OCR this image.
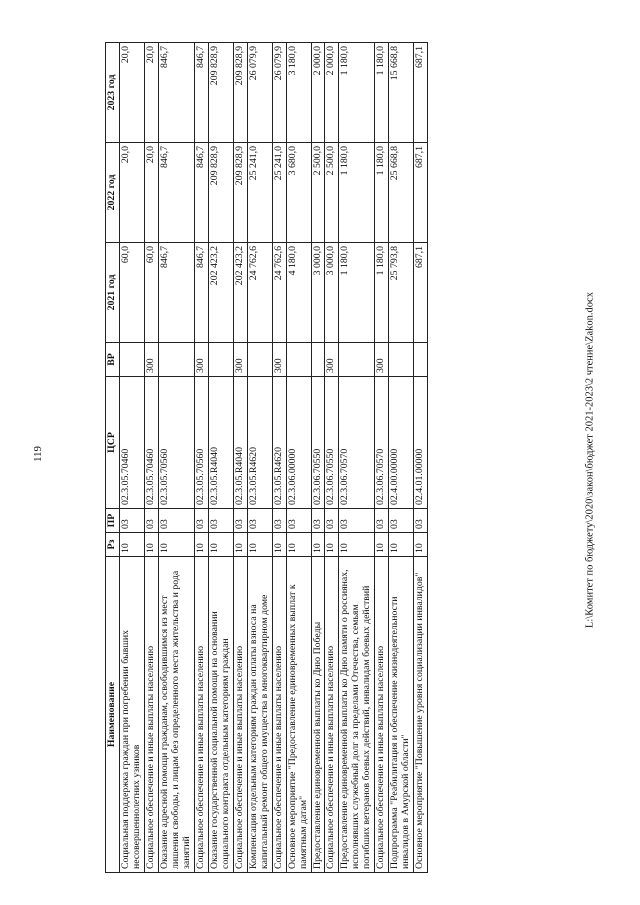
119
Наименование	Рз	ПР	ЦСР	ВР	2021 год	2022 год	2023 год
Социальная поддержка граждан при погребении бывших несовершеннолетних узников	10	03	02.3.05.70460		60,0	20,0	20,0
Социальное обеспечение и иные выплаты населению	10	03	02.3.05.70460	300	60,0	20,0	20,0
Оказание адресной помощи гражданам, освободившимся из мест лишения свободы, и лицам без определенного места жительства и рода занятий	10	03	02.3.05.70560		846,7	846,7	846,7
Социальное обеспечение и иные выплаты населению	10	03	02.3.05.70560	300	846,7	846,7	846,7
Оказание государственной социальной помощи на основании социального контракта отдельным категориям граждан	10	03	02.3.05.R4040		202 423,2	209 828,9	209 828,9
Социальное обеспечение и иные выплаты населению	10	03	02.3.05.R4040	300	202 423,2	209 828,9	209 828,9
Компенсация отдельным категориям граждан оплаты взноса на капитальный ремонт общего имущества в многоквартирном доме	10	03	02.3.05.R4620		24 762,6	25 241,0	26 079,9
Социальное обеспечение и иные выплаты населению	10	03	02.3.05.R4620	300	24 762,6	25 241,0	26 079,9
Основное мероприятие "Предоставление единовременных выплат к памятным датам"	10	03	02.3.06.00000		4 180,0	3 680,0	3 180,0
Предоставление единовременной выплаты ко Дню Победы	10	03	02.3.06.70550		3 000,0	2 500,0	2 000,0
Социальное обеспечение и иные выплаты населению	10	03	02.3.06.70550	300	3 000,0	2 500,0	2 000,0
Предоставление единовременной выплаты ко Дню памяти о россиянах, исполнявших служебный долг за пределами Отечества, семьям погибших ветеранов боевых действий, инвалидам боевых действий	10	03	02.3.06.70570		1 180,0	1 180,0	1 180,0
Социальное обеспечение и иные выплаты населению	10	03	02.3.06.70570	300	1 180,0	1 180,0	1 180,0
Подпрограмма "Реабилитация и обеспечение жизнедеятельности инвалидов в Амурской области"	10	03	02.4.00.00000		25 793,8	25 668,8	15 668,8
Основное мероприятие "Повышение уровня социализации инвалидов"	10	03	02.4.01.00000		687,1	687,1	687,1
L:\Комитет по бюджету\2020\закон\бюджет 2021-2023\2 чтение\Zakon.docx
